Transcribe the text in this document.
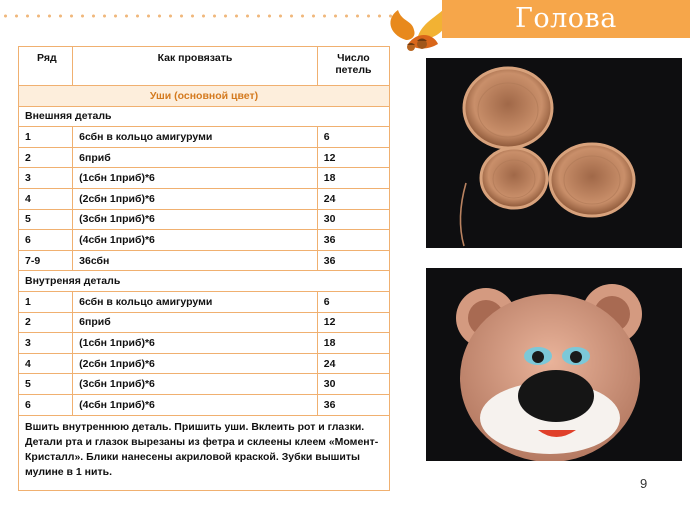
Голова
Ряд	Как провязать	Число петель
Уши (основной цвет)		
Внешняя деталь		
1	6сбн в кольцо амигуруми	6
2	6приб	12
3	(1сбн 1приб)*6	18
4	(2сбн 1приб)*6	24
5	(3сбн 1приб)*6	30
6	(4сбн 1приб)*6	36
7-9	36сбн	36
Внутреняя деталь		
1	6сбн в кольцо амигуруми	6
2	6приб	12
3	(1сбн 1приб)*6	18
4	(2сбн 1приб)*6	24
5	(3сбн 1приб)*6	30
6	(4сбн 1приб)*6	36
Вшить внутреннюю деталь. Пришить уши. Вклеить рот и глазки. Детали рта и глазок вырезаны из фетра и склеены клеем «Момент-Кристалл». Блики нанесены акриловой краской. Зубки вышиты мулине в 1 нить.		
9
